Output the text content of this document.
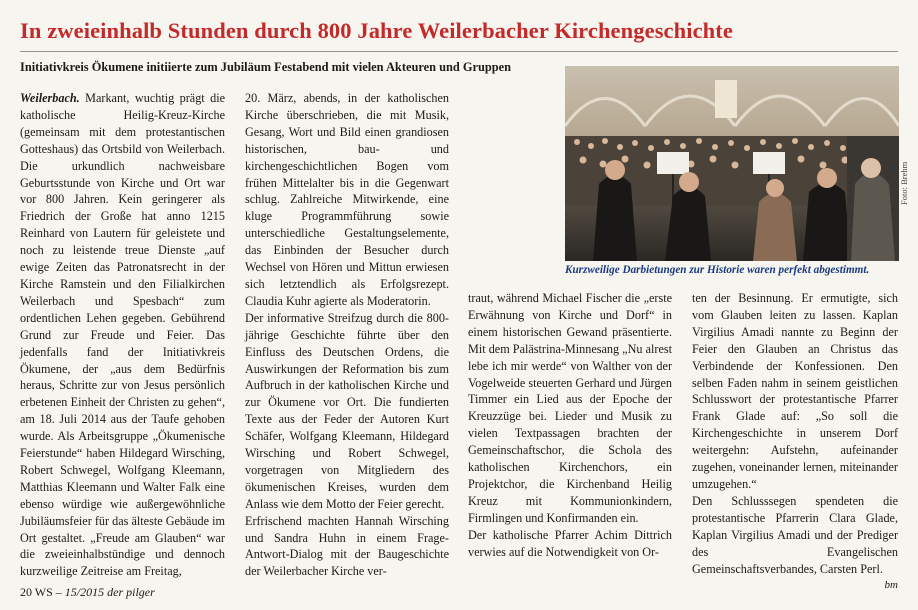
In zweieinhalb Stunden durch 800 Jahre Weilerbacher Kirchengeschichte
Initiativkreis Ökumene initiierte zum Jubiläum Festabend mit vielen Akteuren und Gruppen
Foto: Brehm
Kurzweilige Darbietungen zur Historie waren perfekt abgestimmt.

Weilerbach. Markant, wuchtig prägt die katholische Heilig-Kreuz-Kirche (gemeinsam mit dem protestantischen Gotteshaus) das Ortsbild von Weilerbach. Die urkundlich nachweisbare Geburtsstunde von Kirche und Ort war vor 800 Jahren. Kein geringerer als Friedrich der Große hat anno 1215 Reinhard von Lautern für geleistete und noch zu leistende treue Dienste „auf ewige Zeiten das Patronatsrecht in der Kirche Ramstein und den Filialkirchen Weilerbach und Spesbach“ zum ordentlichen Lehen gegeben. Gebührend Grund zur Freude und Feier. Das jedenfalls fand der Initiativkreis Ökumene, der „aus dem Bedürfnis heraus, Schritte zur von Jesus persönlich erbetenen Einheit der Christen zu gehen“, am 18. Juli 2014 aus der Taufe gehoben wurde. Als Arbeitsgruppe „Ökumenische Feierstunde“ haben Hildegard Wirsching, Robert Schwegel, Wolfgang Kleemann, Matthias Kleemann und Walter Falk eine ebenso würdige wie außergewöhnliche Jubiläumsfeier für das älteste Gebäude im Ort gestaltet. „Freude am Glauben“ war die zweieinhalbstündige und dennoch kurzweilige Zeitreise am Freitag,

20. März, abends, in der katholischen Kirche überschrieben, die mit Musik, Gesang, Wort und Bild einen grandiosen historischen, bau- und kirchengeschichtlichen Bogen vom frühen Mittelalter bis in die Gegenwart schlug. Zahlreiche Mitwirkende, eine kluge Programmführung sowie unterschiedliche Gestaltungselemente, das Einbinden der Besucher durch Wechsel von Hören und Mittun erwiesen sich letztendlich als Erfolgsrezept. Claudia Kuhr agierte als Moderatorin.

Der informative Streifzug durch die 800-jährige Geschichte führte über den Einfluss des Deutschen Ordens, die Auswirkungen der Reformation bis zum Aufbruch in der katholischen Kirche und zur Ökumene vor Ort. Die fundierten Texte aus der Feder der Autoren Kurt Schäfer, Wolfgang Kleemann, Hildegard Wirsching und Robert Schwegel, vorgetragen von Mitgliedern des ökumenischen Kreises, wurden dem Anlass wie dem Motto der Feier gerecht.

Erfrischend machten Hannah Wirsching und Sandra Huhn in einem Frage-Antwort-Dialog mit der Baugeschichte der Weilerbacher Kirche ver-

traut, während Michael Fischer die „erste Erwähnung von Kirche und Dorf“ in einem historischen Gewand präsentierte. Mit dem Palästrina-Minnesang „Nu alrest lebe ich mir werde“ von Walther von der Vogelweide steuerten Gerhard und Jürgen Timmer ein Lied aus der Epoche der Kreuzzüge bei. Lieder und Musik zu vielen Textpassagen brachten der Gemeinschaftschor, die Schola des katholischen Kirchenchors, ein Projektchor, die Kirchenband Heilig Kreuz mit Kommunionkindern, Firmlingen und Konfirmanden ein.

Der katholische Pfarrer Achim Dittrich verwies auf die Notwendigkeit von Or-

ten der Besinnung. Er ermutigte, sich vom Glauben leiten zu lassen. Kaplan Virgilius Amadi nannte zu Beginn der Feier den Glauben an Christus das Verbindende der Konfessionen. Den selben Faden nahm in seinem geistlichen Schlusswort der protestantische Pfarrer Frank Glade auf: „So soll die Kirchengeschichte in unserem Dorf weitergehn: Aufstehn, aufeinander zugehen, voneinander lernen, miteinander umzugehen.“

Den Schlusssegen spendeten die protestantische Pfarrerin Clara Glade, Kaplan Virgilius Amadi und der Prediger des Evangelischen Gemeinschaftsverbandes, Carsten Perl.

bm

20 WS – 15/2015 der pilger
